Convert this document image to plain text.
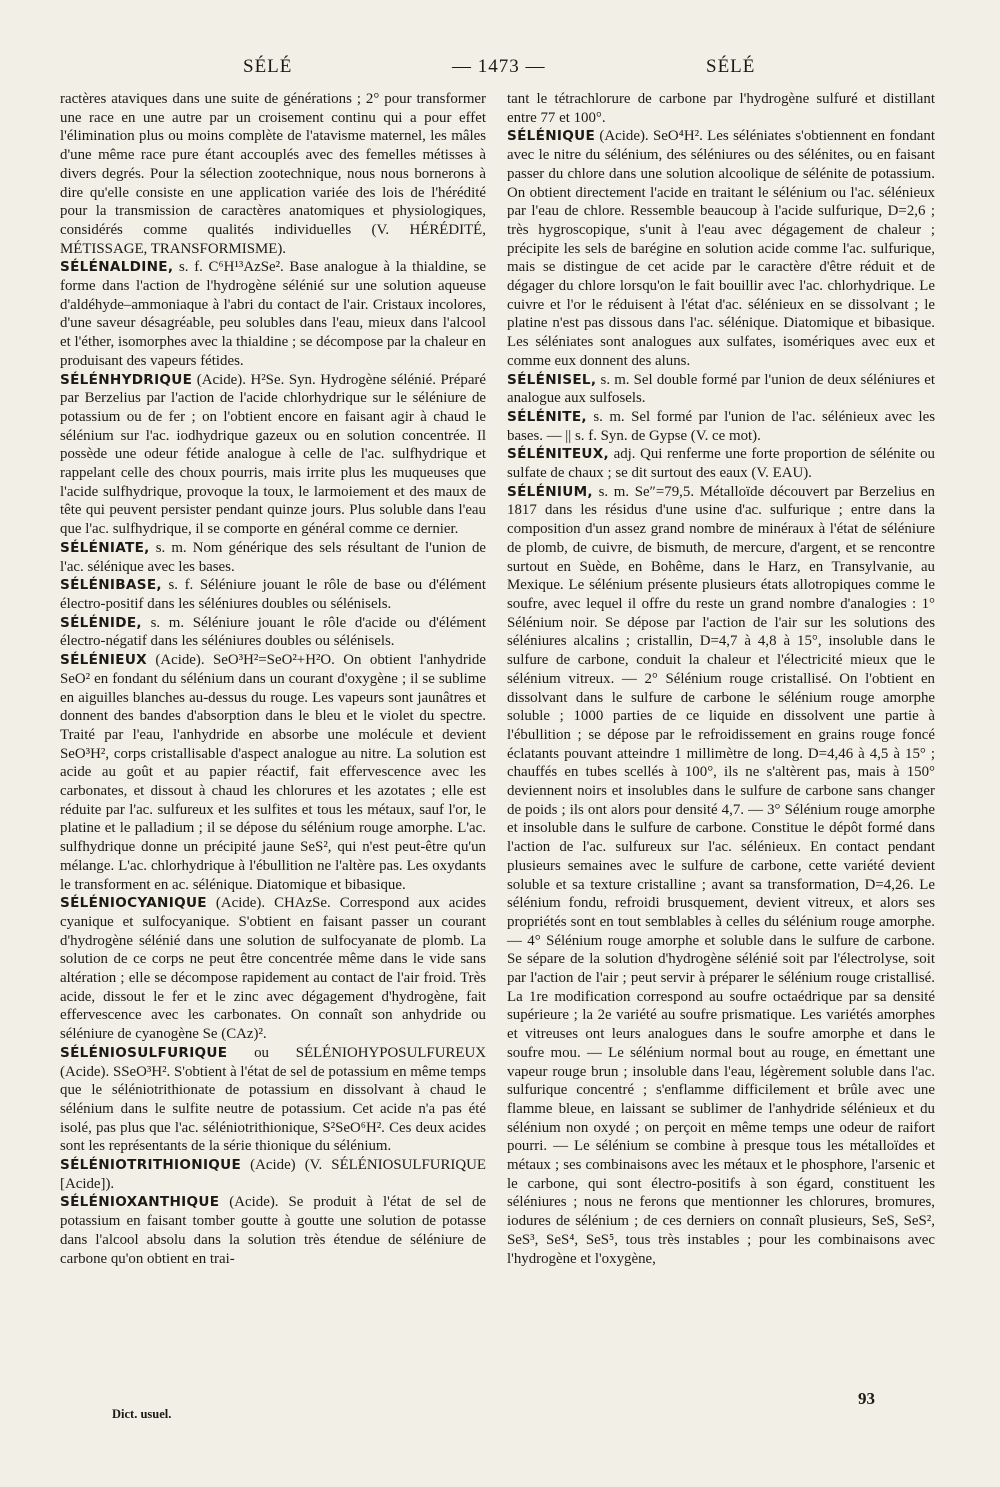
SÉLÉ	— 1473 —	SÉLÉ

ractères ataviques dans une suite de générations ; 2° pour transformer une race en une autre par un croisement continu qui a pour effet l'élimination plus ou moins complète de l'atavisme maternel, les mâles d'une même race pure étant accouplés avec des femelles métisses à divers degrés. Pour la sélection zootechnique, nous nous bornerons à dire qu'elle consiste en une application variée des lois de l'hérédité pour la transmission de caractères anatomiques et physiologiques, considérés comme qualités individuelles (V. HÉRÉDITÉ, MÉTISSAGE, TRANSFORMISME).

SÉLÉNALDINE, s. f. C⁶H¹³AzSe². Base analogue à la thialdine, se forme dans l'action de l'hydrogène sélénié sur une solution aqueuse d'aldéhyde–ammoniaque à l'abri du contact de l'air. Cristaux incolores, d'une saveur désagréable, peu solubles dans l'eau, mieux dans l'alcool et l'éther, isomorphes avec la thialdine ; se décompose par la chaleur en produisant des vapeurs fétides.

SÉLÉNHYDRIQUE (Acide). H²Se. Syn. Hydrogène sélénié. Préparé par Berzelius par l'action de l'acide chlorhydrique sur le séléniure de potassium ou de fer ; on l'obtient encore en faisant agir à chaud le sélénium sur l'ac. iodhydrique gazeux ou en solution concentrée. Il possède une odeur fétide analogue à celle de l'ac. sulfhydrique et rappelant celle des choux pourris, mais irrite plus les muqueuses que l'acide sulfhydrique, provoque la toux, le larmoiement et des maux de tête qui peuvent persister pendant quinze jours. Plus soluble dans l'eau que l'ac. sulfhydrique, il se comporte en général comme ce dernier.

SÉLÉNIATE, s. m. Nom générique des sels résultant de l'union de l'ac. sélénique avec les bases.

SÉLÉNIBASE, s. f. Séléniure jouant le rôle de base ou d'élément électro-positif dans les séléniures doubles ou sélénisels.

SÉLÉNIDE, s. m. Séléniure jouant le rôle d'acide ou d'élément électro-négatif dans les séléniures doubles ou sélénisels.

SÉLÉNIEUX (Acide). SeO³H²=SeO²+H²O. On obtient l'anhydride SeO² en fondant du sélénium dans un courant d'oxygène ; il se sublime en aiguilles blanches au-dessus du rouge. Les vapeurs sont jaunâtres et donnent des bandes d'absorption dans le bleu et le violet du spectre. Traité par l'eau, l'anhydride en absorbe une molécule et devient SeO³H², corps cristallisable d'aspect analogue au nitre. La solution est acide au goût et au papier réactif, fait effervescence avec les carbonates, et dissout à chaud les chlorures et les azotates ; elle est réduite par l'ac. sulfureux et les sulfites et tous les métaux, sauf l'or, le platine et le palladium ; il se dépose du sélénium rouge amorphe. L'ac. sulfhydrique donne un précipité jaune SeS², qui n'est peut-être qu'un mélange. L'ac. chlorhydrique à l'ébullition ne l'altère pas. Les oxydants le transforment en ac. sélénique. Diatomique et bibasique.

SÉLÉNIOCYANIQUE (Acide). CHAzSe. Correspond aux acides cyanique et sulfocyanique. S'obtient en faisant passer un courant d'hydrogène sélénié dans une solution de sulfocyanate de plomb. La solution de ce corps ne peut être concentrée même dans le vide sans altération ; elle se décompose rapidement au contact de l'air froid. Très acide, dissout le fer et le zinc avec dégagement d'hydrogène, fait effervescence avec les carbonates. On connaît son anhydride ou séléniure de cyanogène Se (CAz)².

SÉLÉNIOSULFURIQUE ou SÉLÉNIOHYPOSULFUREUX (Acide). SSeO³H². S'obtient à l'état de sel de potassium en même temps que le séléniotrithionate de potassium en dissolvant à chaud le sélénium dans le sulfite neutre de potassium. Cet acide n'a pas été isolé, pas plus que l'ac. séléniotrithionique, S²SeO⁶H². Ces deux acides sont les représentants de la série thionique du sélénium.

SÉLÉNIOTRITHIONIQUE (Acide) (V. SÉLÉNIOSULFURIQUE [Acide]).

SÉLÉNIOXANTHIQUE (Acide). Se produit à l'état de sel de potassium en faisant tomber goutte à goutte une solution de potasse dans l'alcool absolu dans la solution très étendue de séléniure de carbone qu'on obtient en trai-

tant le tétrachlorure de carbone par l'hydrogène sulfuré et distillant entre 77 et 100°.

SÉLÉNIQUE (Acide). SeO⁴H². Les séléniates s'obtiennent en fondant avec le nitre du sélénium, des séléniures ou des sélénites, ou en faisant passer du chlore dans une solution alcoolique de sélénite de potassium. On obtient directement l'acide en traitant le sélénium ou l'ac. sélénieux par l'eau de chlore. Ressemble beaucoup à l'acide sulfurique, D=2,6 ; très hygroscopique, s'unit à l'eau avec dégagement de chaleur ; précipite les sels de barégine en solution acide comme l'ac. sulfurique, mais se distingue de cet acide par le caractère d'être réduit et de dégager du chlore lorsqu'on le fait bouillir avec l'ac. chlorhydrique. Le cuivre et l'or le réduisent à l'état d'ac. sélénieux en se dissolvant ; le platine n'est pas dissous dans l'ac. sélénique. Diatomique et bibasique. Les séléniates sont analogues aux sulfates, isomériques avec eux et comme eux donnent des aluns.

SÉLÉNISEL, s. m. Sel double formé par l'union de deux séléniures et analogue aux sulfosels.

SÉLÉNITE, s. m. Sel formé par l'union de l'ac. sélénieux avec les bases. — || s. f. Syn. de Gypse (V. ce mot).

SÉLÉNITEUX, adj. Qui renferme une forte proportion de sélénite ou sulfate de chaux ; se dit surtout des eaux (V. EAU).

SÉLÉNIUM, s. m. Se″=79,5. Métalloïde découvert par Berzelius en 1817 dans les résidus d'une usine d'ac. sulfurique ; entre dans la composition d'un assez grand nombre de minéraux à l'état de séléniure de plomb, de cuivre, de bismuth, de mercure, d'argent, et se rencontre surtout en Suède, en Bohême, dans le Harz, en Transylvanie, au Mexique. Le sélénium présente plusieurs états allotropiques comme le soufre, avec lequel il offre du reste un grand nombre d'analogies : 1° Sélénium noir. Se dépose par l'action de l'air sur les solutions des séléniures alcalins ; cristallin, D=4,7 à 4,8 à 15°, insoluble dans le sulfure de carbone, conduit la chaleur et l'électricité mieux que le sélénium vitreux. — 2° Sélénium rouge cristallisé. On l'obtient en dissolvant dans le sulfure de carbone le sélénium rouge amorphe soluble ; 1000 parties de ce liquide en dissolvent une partie à l'ébullition ; se dépose par le refroidissement en grains rouge foncé éclatants pouvant atteindre 1 millimètre de long. D=4,46 à 4,5 à 15° ; chauffés en tubes scellés à 100°, ils ne s'altèrent pas, mais à 150° deviennent noirs et insolubles dans le sulfure de carbone sans changer de poids ; ils ont alors pour densité 4,7. — 3° Sélénium rouge amorphe et insoluble dans le sulfure de carbone. Constitue le dépôt formé dans l'action de l'ac. sulfureux sur l'ac. sélénieux. En contact pendant plusieurs semaines avec le sulfure de carbone, cette variété devient soluble et sa texture cristalline ; avant sa transformation, D=4,26. Le sélénium fondu, refroidi brusquement, devient vitreux, et alors ses propriétés sont en tout semblables à celles du sélénium rouge amorphe. — 4° Sélénium rouge amorphe et soluble dans le sulfure de carbone. Se sépare de la solution d'hydrogène sélénié soit par l'électrolyse, soit par l'action de l'air ; peut servir à préparer le sélénium rouge cristallisé. La 1re modification correspond au soufre octaédrique par sa densité supérieure ; la 2e variété au soufre prismatique. Les variétés amorphes et vitreuses ont leurs analogues dans le soufre amorphe et dans le soufre mou. — Le sélénium normal bout au rouge, en émettant une vapeur rouge brun ; insoluble dans l'eau, légèrement soluble dans l'ac. sulfurique concentré ; s'enflamme difficilement et brûle avec une flamme bleue, en laissant se sublimer de l'anhydride sélénieux et du sélénium non oxydé ; on perçoit en même temps une odeur de raifort pourri. — Le sélénium se combine à presque tous les métalloïdes et métaux ; ses combinaisons avec les métaux et le phosphore, l'arsenic et le carbone, qui sont électro-positifs à son égard, constituent les séléniures ; nous ne ferons que mentionner les chlorures, bromures, iodures de sélénium ; de ces derniers on connaît plusieurs, SeS, SeS², SeS³, SeS⁴, SeS⁵, tous très instables ; pour les combinaisons avec l'hydrogène et l'oxygène,

Dict. usuel.
93
